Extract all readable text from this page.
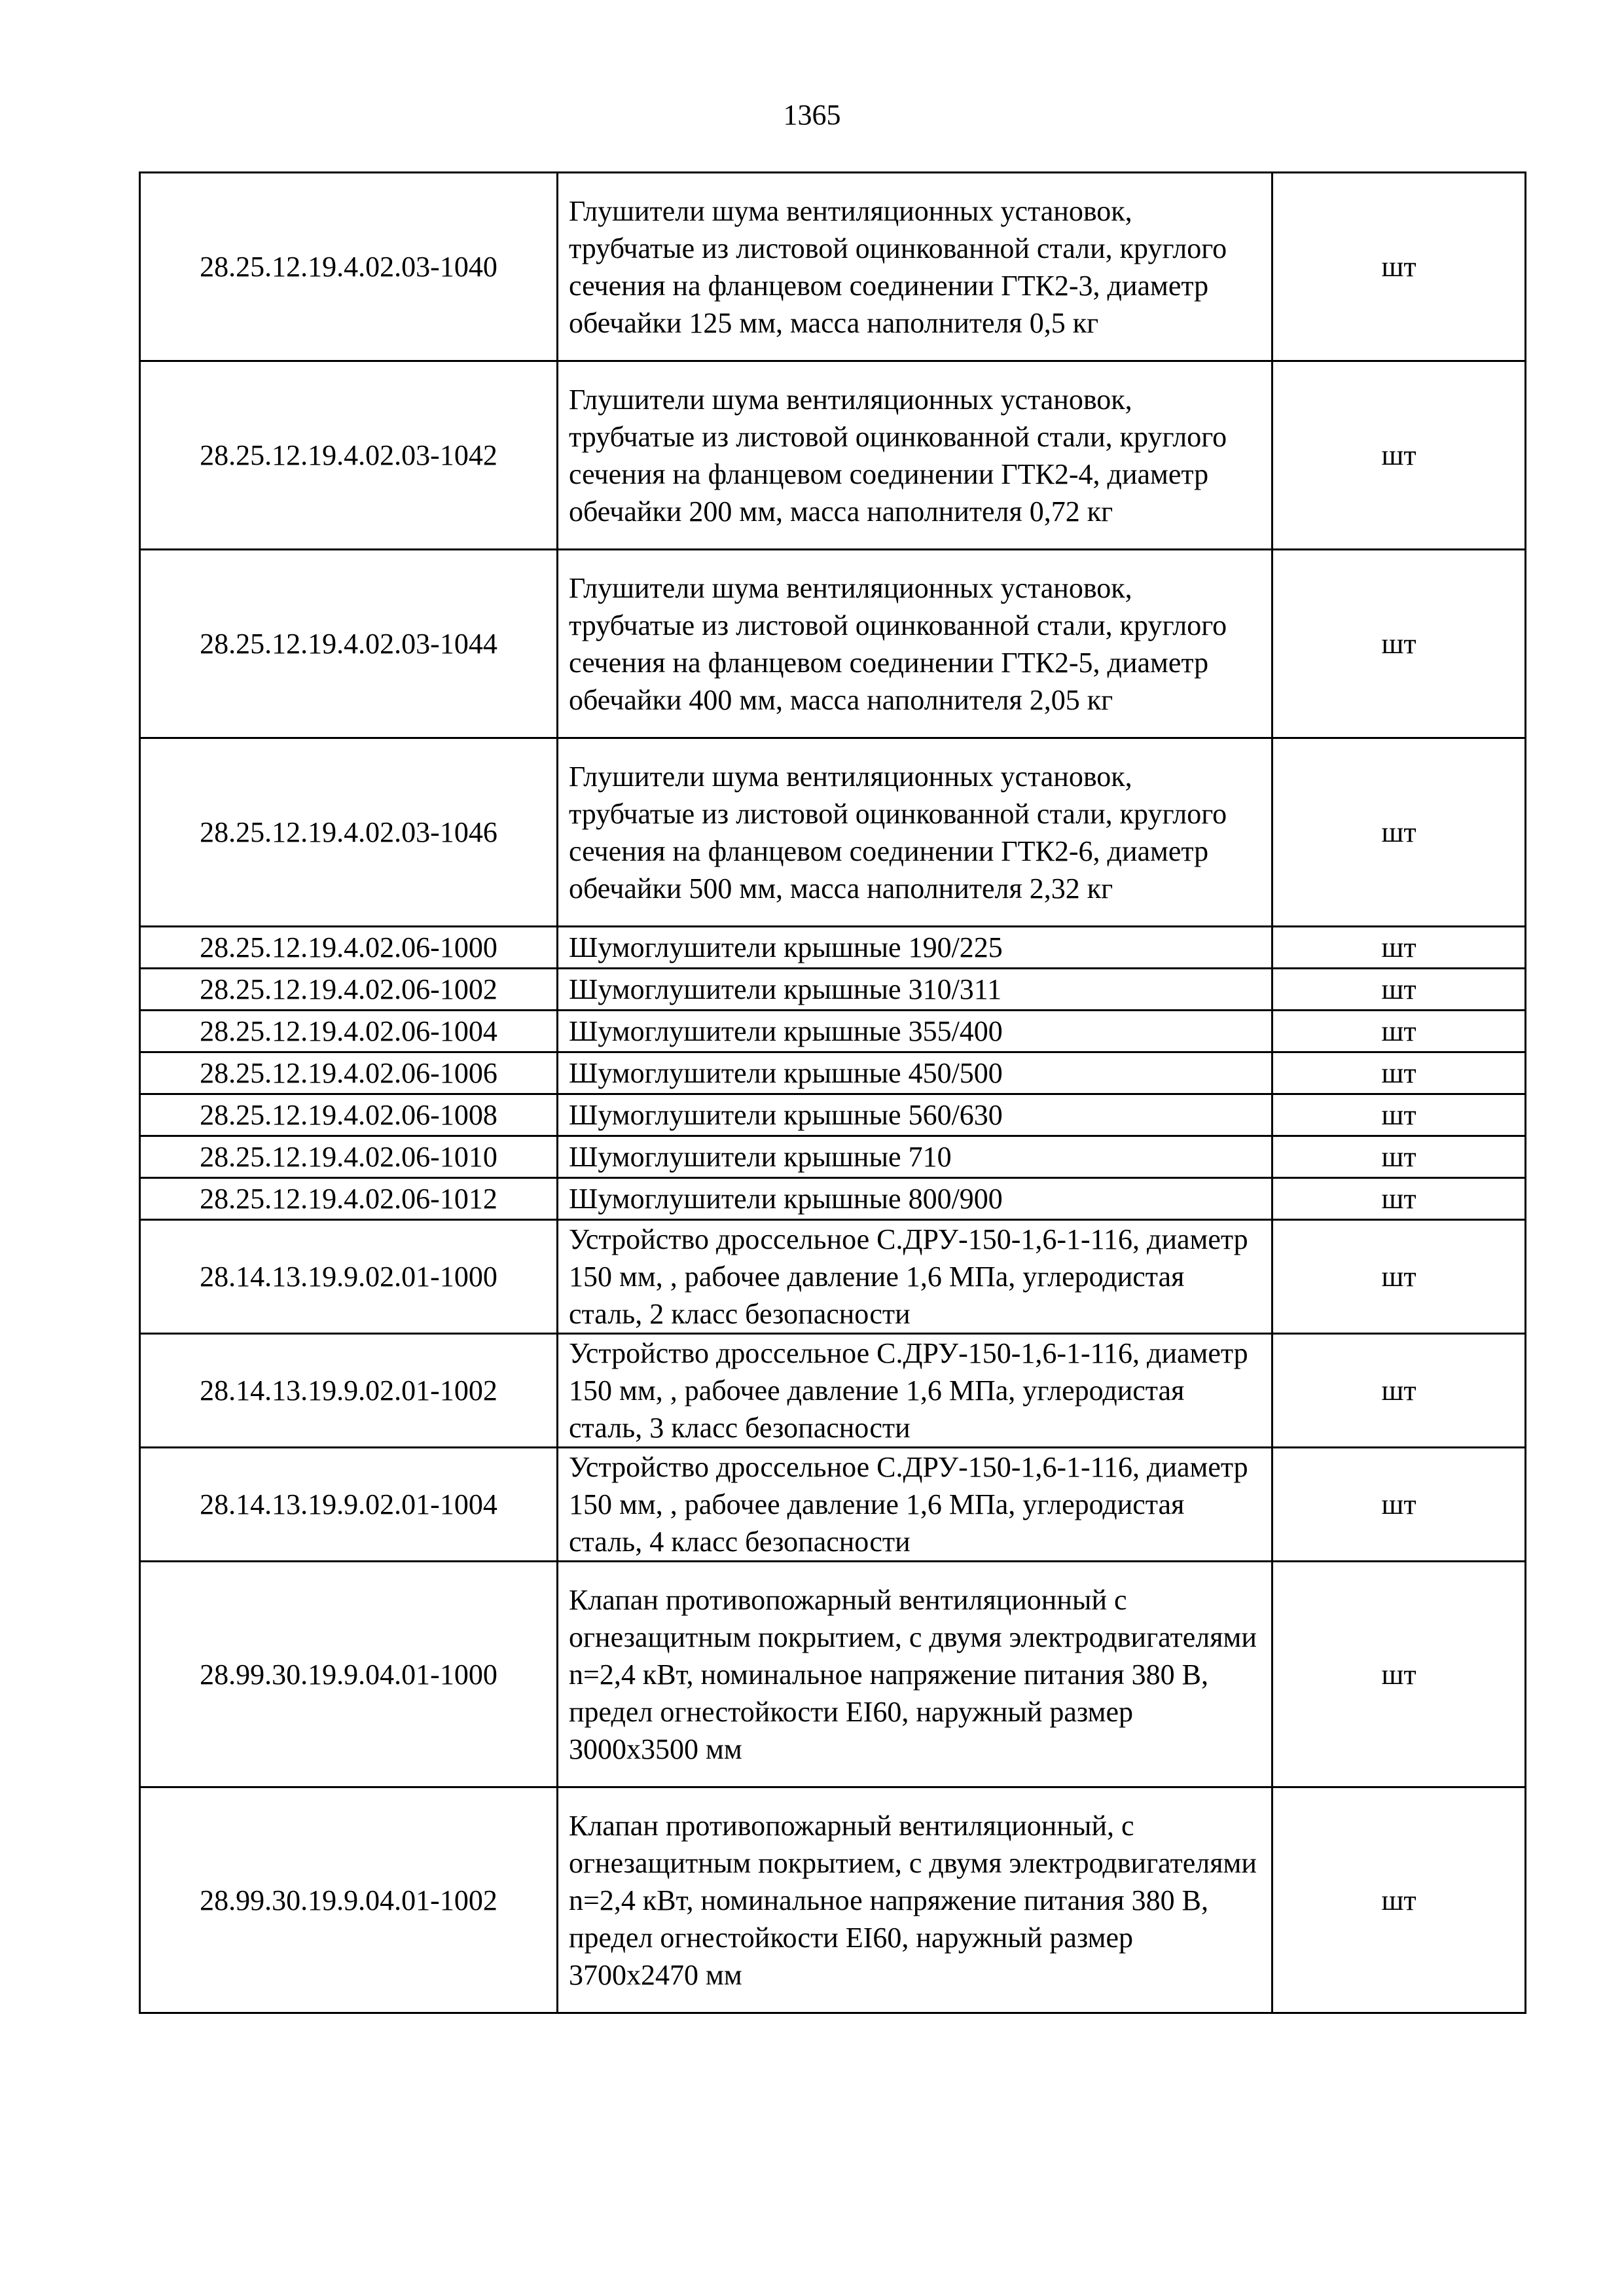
1365
28.25.12.19.4.02.03-1040	Глушители шума вентиляционных установок, трубчатые из листовой оцинкованной стали, круглого сечения на фланцевом соединении ГТК2-3, диаметр обечайки 125 мм, масса наполнителя 0,5 кг	шт
28.25.12.19.4.02.03-1042	Глушители шума вентиляционных установок, трубчатые из листовой оцинкованной стали, круглого сечения на фланцевом соединении ГТК2-4, диаметр обечайки 200 мм, масса наполнителя 0,72 кг	шт
28.25.12.19.4.02.03-1044	Глушители шума вентиляционных установок, трубчатые из листовой оцинкованной стали, круглого сечения на фланцевом соединении ГТК2-5, диаметр обечайки 400 мм, масса наполнителя 2,05 кг	шт
28.25.12.19.4.02.03-1046	Глушители шума вентиляционных установок, трубчатые из листовой оцинкованной стали, круглого сечения на фланцевом соединении ГТК2-6, диаметр обечайки 500 мм, масса наполнителя 2,32 кг	шт
28.25.12.19.4.02.06-1000	Шумоглушители крышные 190/225	шт
28.25.12.19.4.02.06-1002	Шумоглушители крышные 310/311	шт
28.25.12.19.4.02.06-1004	Шумоглушители крышные 355/400	шт
28.25.12.19.4.02.06-1006	Шумоглушители крышные 450/500	шт
28.25.12.19.4.02.06-1008	Шумоглушители крышные 560/630	шт
28.25.12.19.4.02.06-1010	Шумоглушители крышные 710	шт
28.25.12.19.4.02.06-1012	Шумоглушители крышные 800/900	шт
28.14.13.19.9.02.01-1000	Устройство дроссельное С.ДРУ-150-1,6-1-116, диаметр 150 мм, , рабочее давление 1,6 МПа, углеродистая сталь, 2 класс безопасности	шт
28.14.13.19.9.02.01-1002	Устройство дроссельное С.ДРУ-150-1,6-1-116, диаметр 150 мм, , рабочее давление 1,6 МПа, углеродистая сталь, 3 класс безопасности	шт
28.14.13.19.9.02.01-1004	Устройство дроссельное С.ДРУ-150-1,6-1-116, диаметр 150 мм, , рабочее давление 1,6 МПа, углеродистая сталь, 4 класс безопасности	шт
28.99.30.19.9.04.01-1000	Клапан противопожарный вентиляционный с огнезащитным покрытием, с двумя электродвигателями n=2,4 кВт, номинальное напряжение питания 380 В, предел огнестойкости EI60, наружный размер 3000х3500 мм	шт
28.99.30.19.9.04.01-1002	Клапан противопожарный вентиляционный, с огнезащитным покрытием, с двумя электродвигателями n=2,4 кВт, номинальное напряжение питания 380 В, предел огнестойкости EI60, наружный размер 3700х2470 мм	шт
